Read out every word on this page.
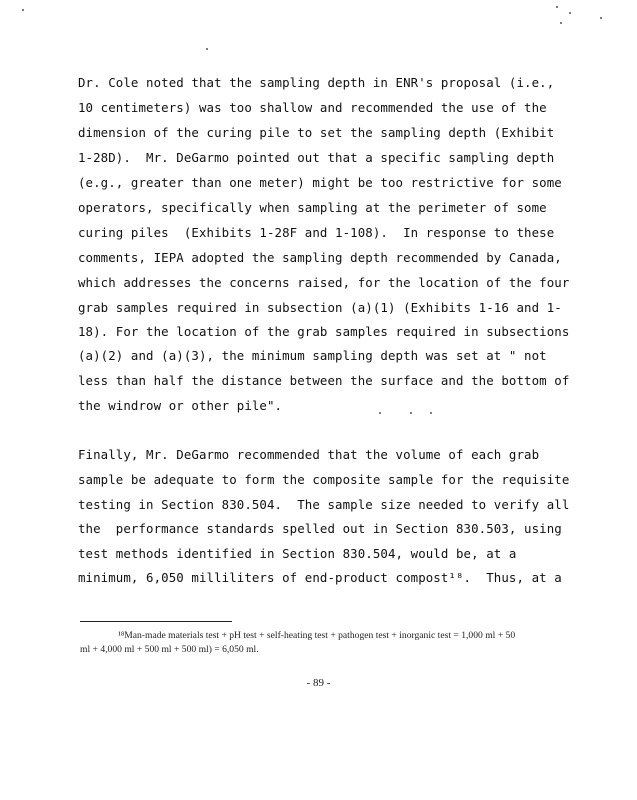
Dr. Cole noted that the sampling depth in ENR's proposal (i.e.,
10 centimeters) was too shallow and recommended the use of the
dimension of the curing pile to set the sampling depth (Exhibit
1-28D).  Mr. DeGarmo pointed out that a specific sampling depth
(e.g., greater than one meter) might be too restrictive for some
operators, specifically when sampling at the perimeter of some
curing piles  (Exhibits 1-28F and 1-108).  In response to these
comments, IEPA adopted the sampling depth recommended by Canada,
which addresses the concerns raised, for the location of the four
grab samples required in subsection (a)(1) (Exhibits 1-16 and 1-
18). For the location of the grab samples required in subsections
(a)(2) and (a)(3), the minimum sampling depth was set at " not
less than half the distance between the surface and the bottom of
the windrow or other pile".
Finally, Mr. DeGarmo recommended that the volume of each grab
sample be adequate to form the composite sample for the requisite
testing in Section 830.504.  The sample size needed to verify all
the  performance standards spelled out in Section 830.503, using
test methods identified in Section 830.504, would be, at a
minimum, 6,050 milliliters of end-product compost¹⁸.  Thus, at a
¹⁸Man-made materials test + pH test + self-heating test + pathogen test + inorganic test = 1,000 ml + 50
ml + 4,000 ml + 500 ml + 500 ml) = 6,050 ml.
- 89 -
